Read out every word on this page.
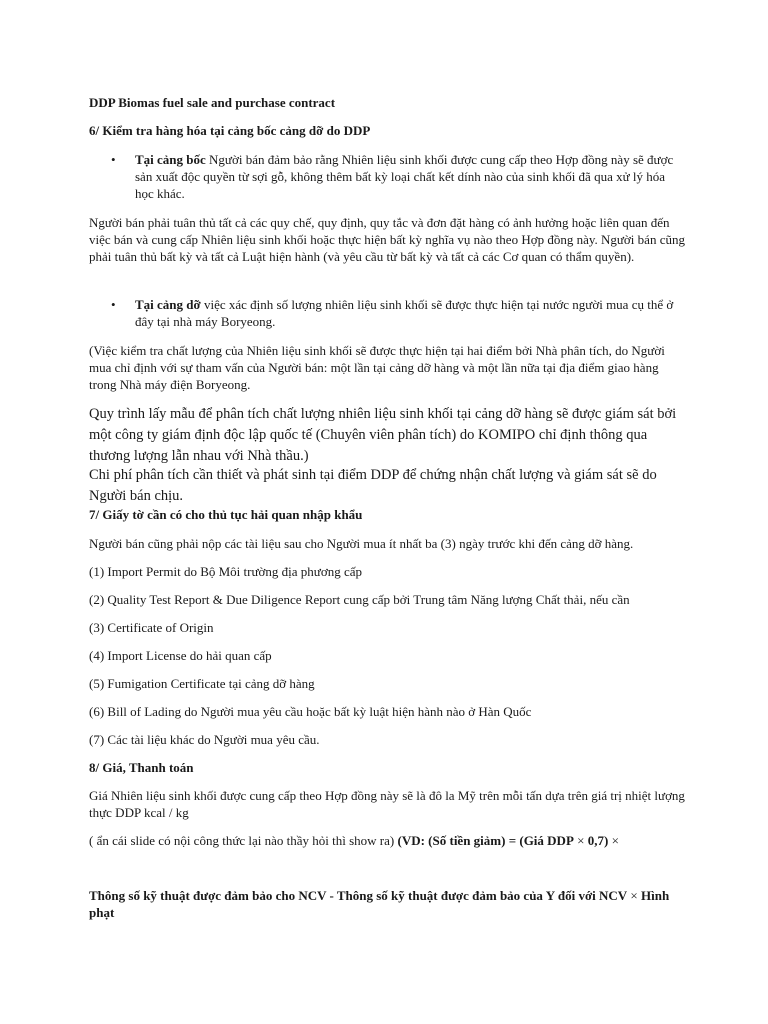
DDP Biomas fuel sale and purchase contract

6/ Kiểm tra hàng hóa tại cảng bốc cảng dỡ do DDP

• Tại cảng bốc Người bán đảm bảo rằng Nhiên liệu sinh khối được cung cấp theo Hợp đồng này sẽ được sản xuất độc quyền từ sợi gỗ, không thêm bất kỳ loại chất kết dính nào của sinh khối đã qua xử lý hóa học khác.

Người bán phải tuân thủ tất cả các quy chế, quy định, quy tắc và đơn đặt hàng có ảnh hưởng hoặc liên quan đến việc bán và cung cấp Nhiên liệu sinh khối hoặc thực hiện bất kỳ nghĩa vụ nào theo Hợp đồng này. Người bán cũng phải tuân thủ bất kỳ và tất cả Luật hiện hành (và yêu cầu từ bất kỳ và tất cả các Cơ quan có thẩm quyền).

• Tại cảng dỡ việc xác định số lượng nhiên liệu sinh khối sẽ được thực hiện tại nước người mua cụ thể ở đây tại nhà máy Boryeong.

(Việc kiểm tra chất lượng của Nhiên liệu sinh khối sẽ được thực hiện tại hai điểm bởi Nhà phân tích, do Người mua chỉ định với sự tham vấn của Người bán: một lần tại cảng dỡ hàng và một lần nữa tại địa điểm giao hàng trong Nhà máy điện Boryeong.

Quy trình lấy mẫu để phân tích chất lượng nhiên liệu sinh khối tại cảng dỡ hàng sẽ được giám sát bởi một công ty giám định độc lập quốc tế (Chuyên viên phân tích) do KOMIPO chỉ định thông qua thương lượng lẫn nhau với Nhà thầu.)

Chi phí phân tích cần thiết và phát sinh tại điểm DDP để chứng nhận chất lượng và giám sát sẽ do Người bán chịu.

7/ Giấy tờ cần có cho thủ tục hải quan nhập khẩu

Người bán cũng phải nộp các tài liệu sau cho Người mua ít nhất ba (3) ngày trước khi đến cảng dỡ hàng.

(1) Import Permit do Bộ Môi trường địa phương cấp

(2) Quality Test Report & Due Diligence Report cung cấp bởi Trung tâm Năng lượng Chất thải, nếu cần

(3) Certificate of Origin

(4) Import License do hải quan cấp

(5) Fumigation Certificate tại cảng dỡ hàng

(6) Bill of Lading do Người mua yêu cầu hoặc bất kỳ luật hiện hành nào ở Hàn Quốc

(7) Các tài liệu khác do Người mua yêu cầu.

8/ Giá, Thanh toán

Giá Nhiên liệu sinh khối được cung cấp theo Hợp đồng này sẽ là đô la Mỹ trên mỗi tấn dựa trên giá trị nhiệt lượng thực DDP kcal / kg

( ẩn cái slide có nội công thức lại nào thầy hỏi thì show ra) (VD: (Số tiền giảm) = (Giá DDP × 0,7) ×

Thông số kỹ thuật được đảm bảo cho NCV - Thông số kỹ thuật được đảm bảo của Y đối với NCV × Hình phạt
